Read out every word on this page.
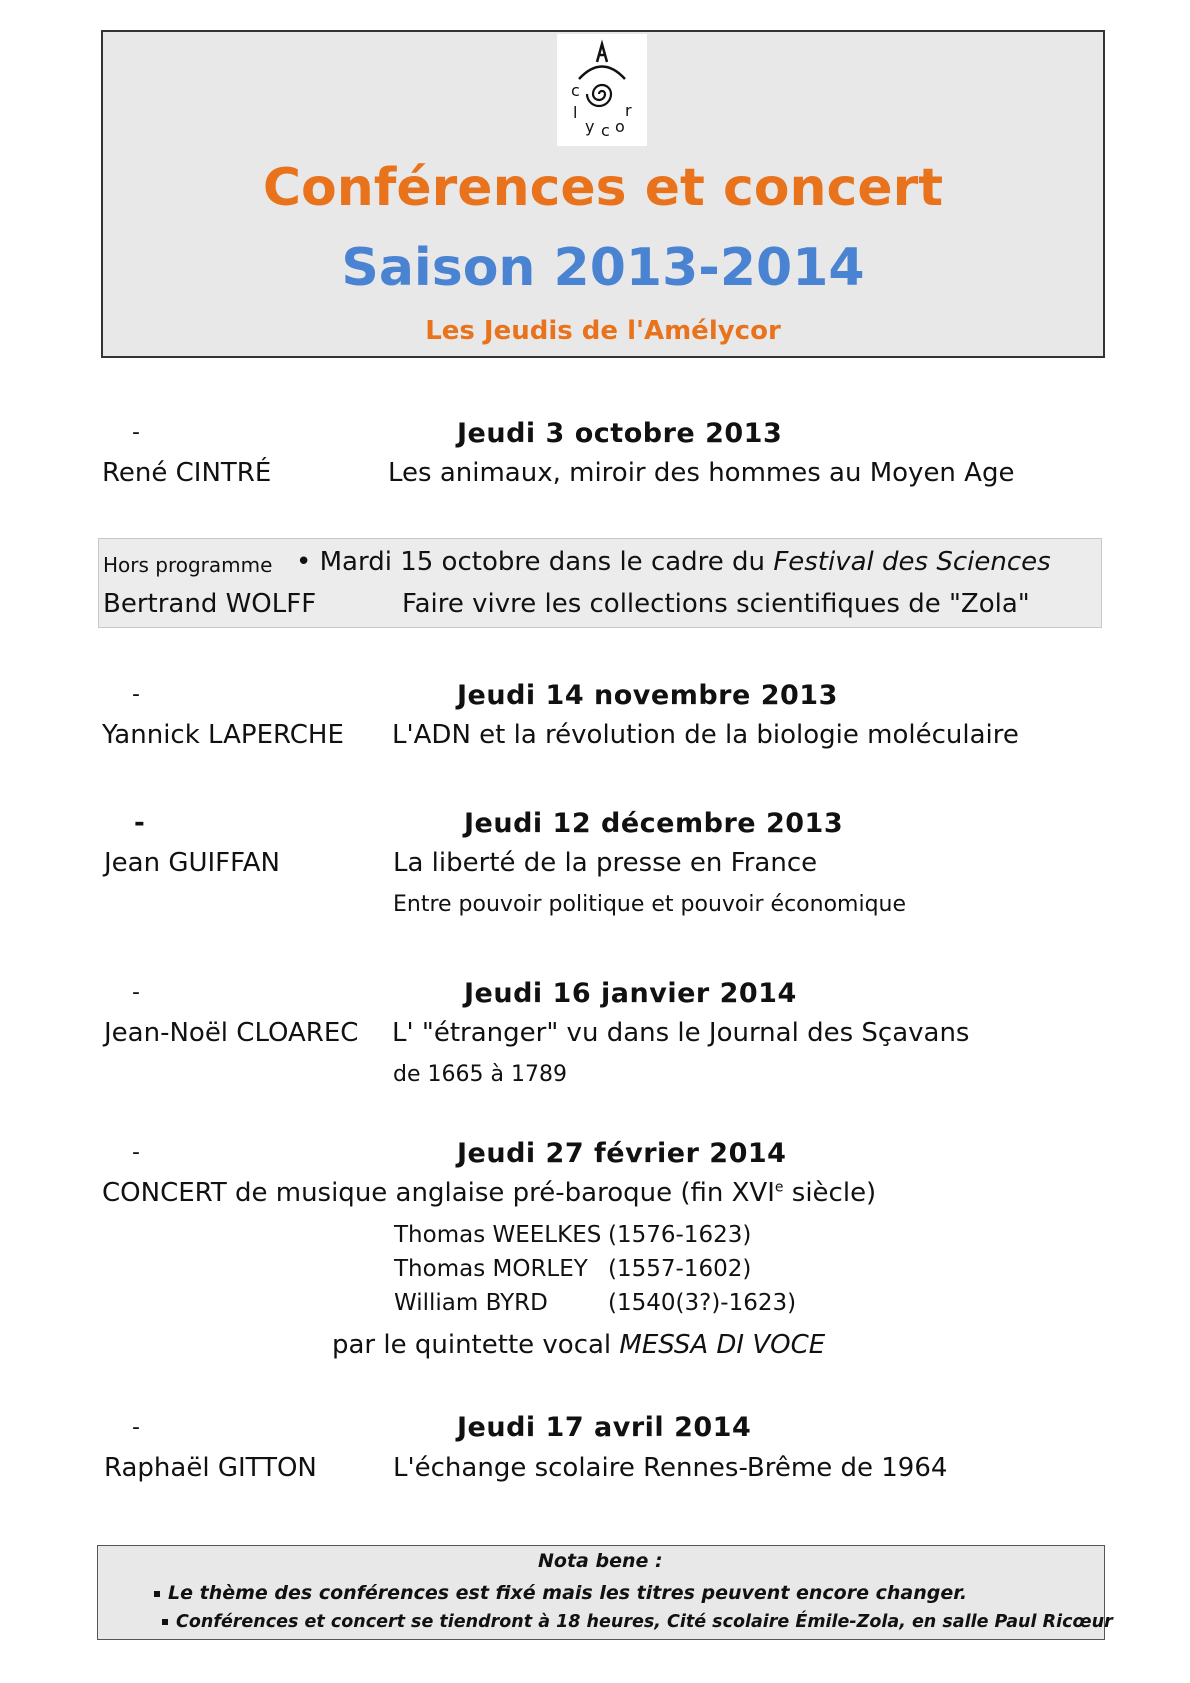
c
l
y c o
r
Conférences et concert
Saison 2013-2014
Les Jeudis de l'Amélycor
-	Jeudi 3 octobre 2013
René CINTRÉ	Les animaux, miroir des hommes au Moyen Age
Hors programme • Mardi 15 octobre dans le cadre du Festival des Sciences
Bertrand WOLFF	Faire vivre les collections scientifiques de "Zola"
-	Jeudi 14 novembre 2013
Yannick LAPERCHE L'ADN et la révolution de la biologie moléculaire
-	Jeudi 12 décembre 2013
Jean GUIFFAN	La liberté de la presse en France
Entre pouvoir politique et pouvoir économique
-	Jeudi 16 janvier 2014
Jean-Noël CLOAREC L' "étranger" vu dans le Journal des Sçavans
de 1665 à 1789
-	Jeudi 27 février 2014
CONCERT de musique anglaise pré-baroque (fin XVIe siècle)
Thomas WEELKES (1576-1623)
Thomas MORLEY (1557-1602)
William BYRD	(1540(3?)-1623)
par le quintette vocal MESSA DI VOCE
-	Jeudi 17 avril 2014
Raphaël GITTON	L'échange scolaire Rennes-Brême de 1964
Nota bene :
Le thème des conférences est fixé mais les titres peuvent encore changer.
Conférences et concert se tiendront à 18 heures, Cité scolaire Émile-Zola, en salle Paul Ricœur
